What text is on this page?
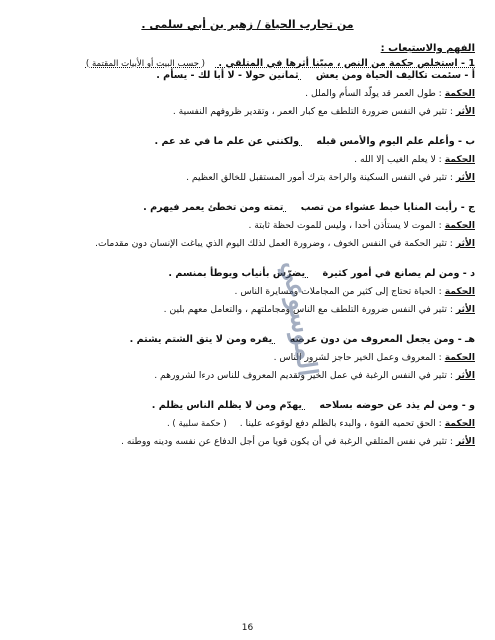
من تجارب الحياة / زهير بن أبي سلمى .

الفهم والاستيعاب :

1 - استخلص حكمة من النص ، مبيّنا أثرها في المتلقي . ( حسب البيت أو الأبيات المقتمة )

أ - سئمت تكاليف الحياة ومن يعش ثمانين حولا - لا أبا لك - يسأم .

الحكمة : طول العمر قد يولّد السأم والملل .

الأثر : تثير في النفس ضرورة التلطف مع كبار العمر ، وتقدير ظروفهم النفسية .

ب - وأعلم علم اليوم والأمس قبله ولكنني عن علم ما في غد عم .

الحكمة : لا يعلم الغيب إلا الله .

الأثر : تثير في النفس السكينة والراحة بترك أمور المستقبل للخالق العظيم .

ج - رأيت المنايا خبط عشواء من تصب تمته ومن تخطئ يعمر فيهرم .

الحكمة : الموت لا يستأذن أحدا ، وليس للموت لحظة ثابتة .

الأثر : تثير الحكمة في النفس الخوف ، وضرورة العمل لذلك اليوم الذي يباغت الإنسان دون مقدمات.

د - ومن لم يصانع في أمور كثيرة يضرّس بأنياب ويوطأ بمنسم .

الحكمة : الحياة تحتاج إلى كثير من المجاملات ومسايرة الناس .

الأثر : تثير في النفس ضرورة التلطف مع الناس ومجاملتهم ، والتعامل معهم بلين .

هـ - ومن يجعل المعروف من دون عرضه يفره ومن لا يتق الشتم يشتم .

الحكمة : المعروف وعمل الخير حاجز لشرور الناس .

الأثر : تثير في النفس الرغبة في عمل الخير وتقديم المعروف للناس درءا لشرورهم .

و - ومن لم يذد عن حوضه بسلاحه يهدّم ومن لا يظلم الناس يظلم .

الحكمة : الحق تحميه القوة ، والبدء بالظلم دفع لوقوعه علينا . ( حكمة سلبية ) .

الأثر : تثير في نفس المتلقي الرغبة في أن يكون قويا من أجل الدفاع عن نفسه ودينه ووطنه .

الموسوعي
16
